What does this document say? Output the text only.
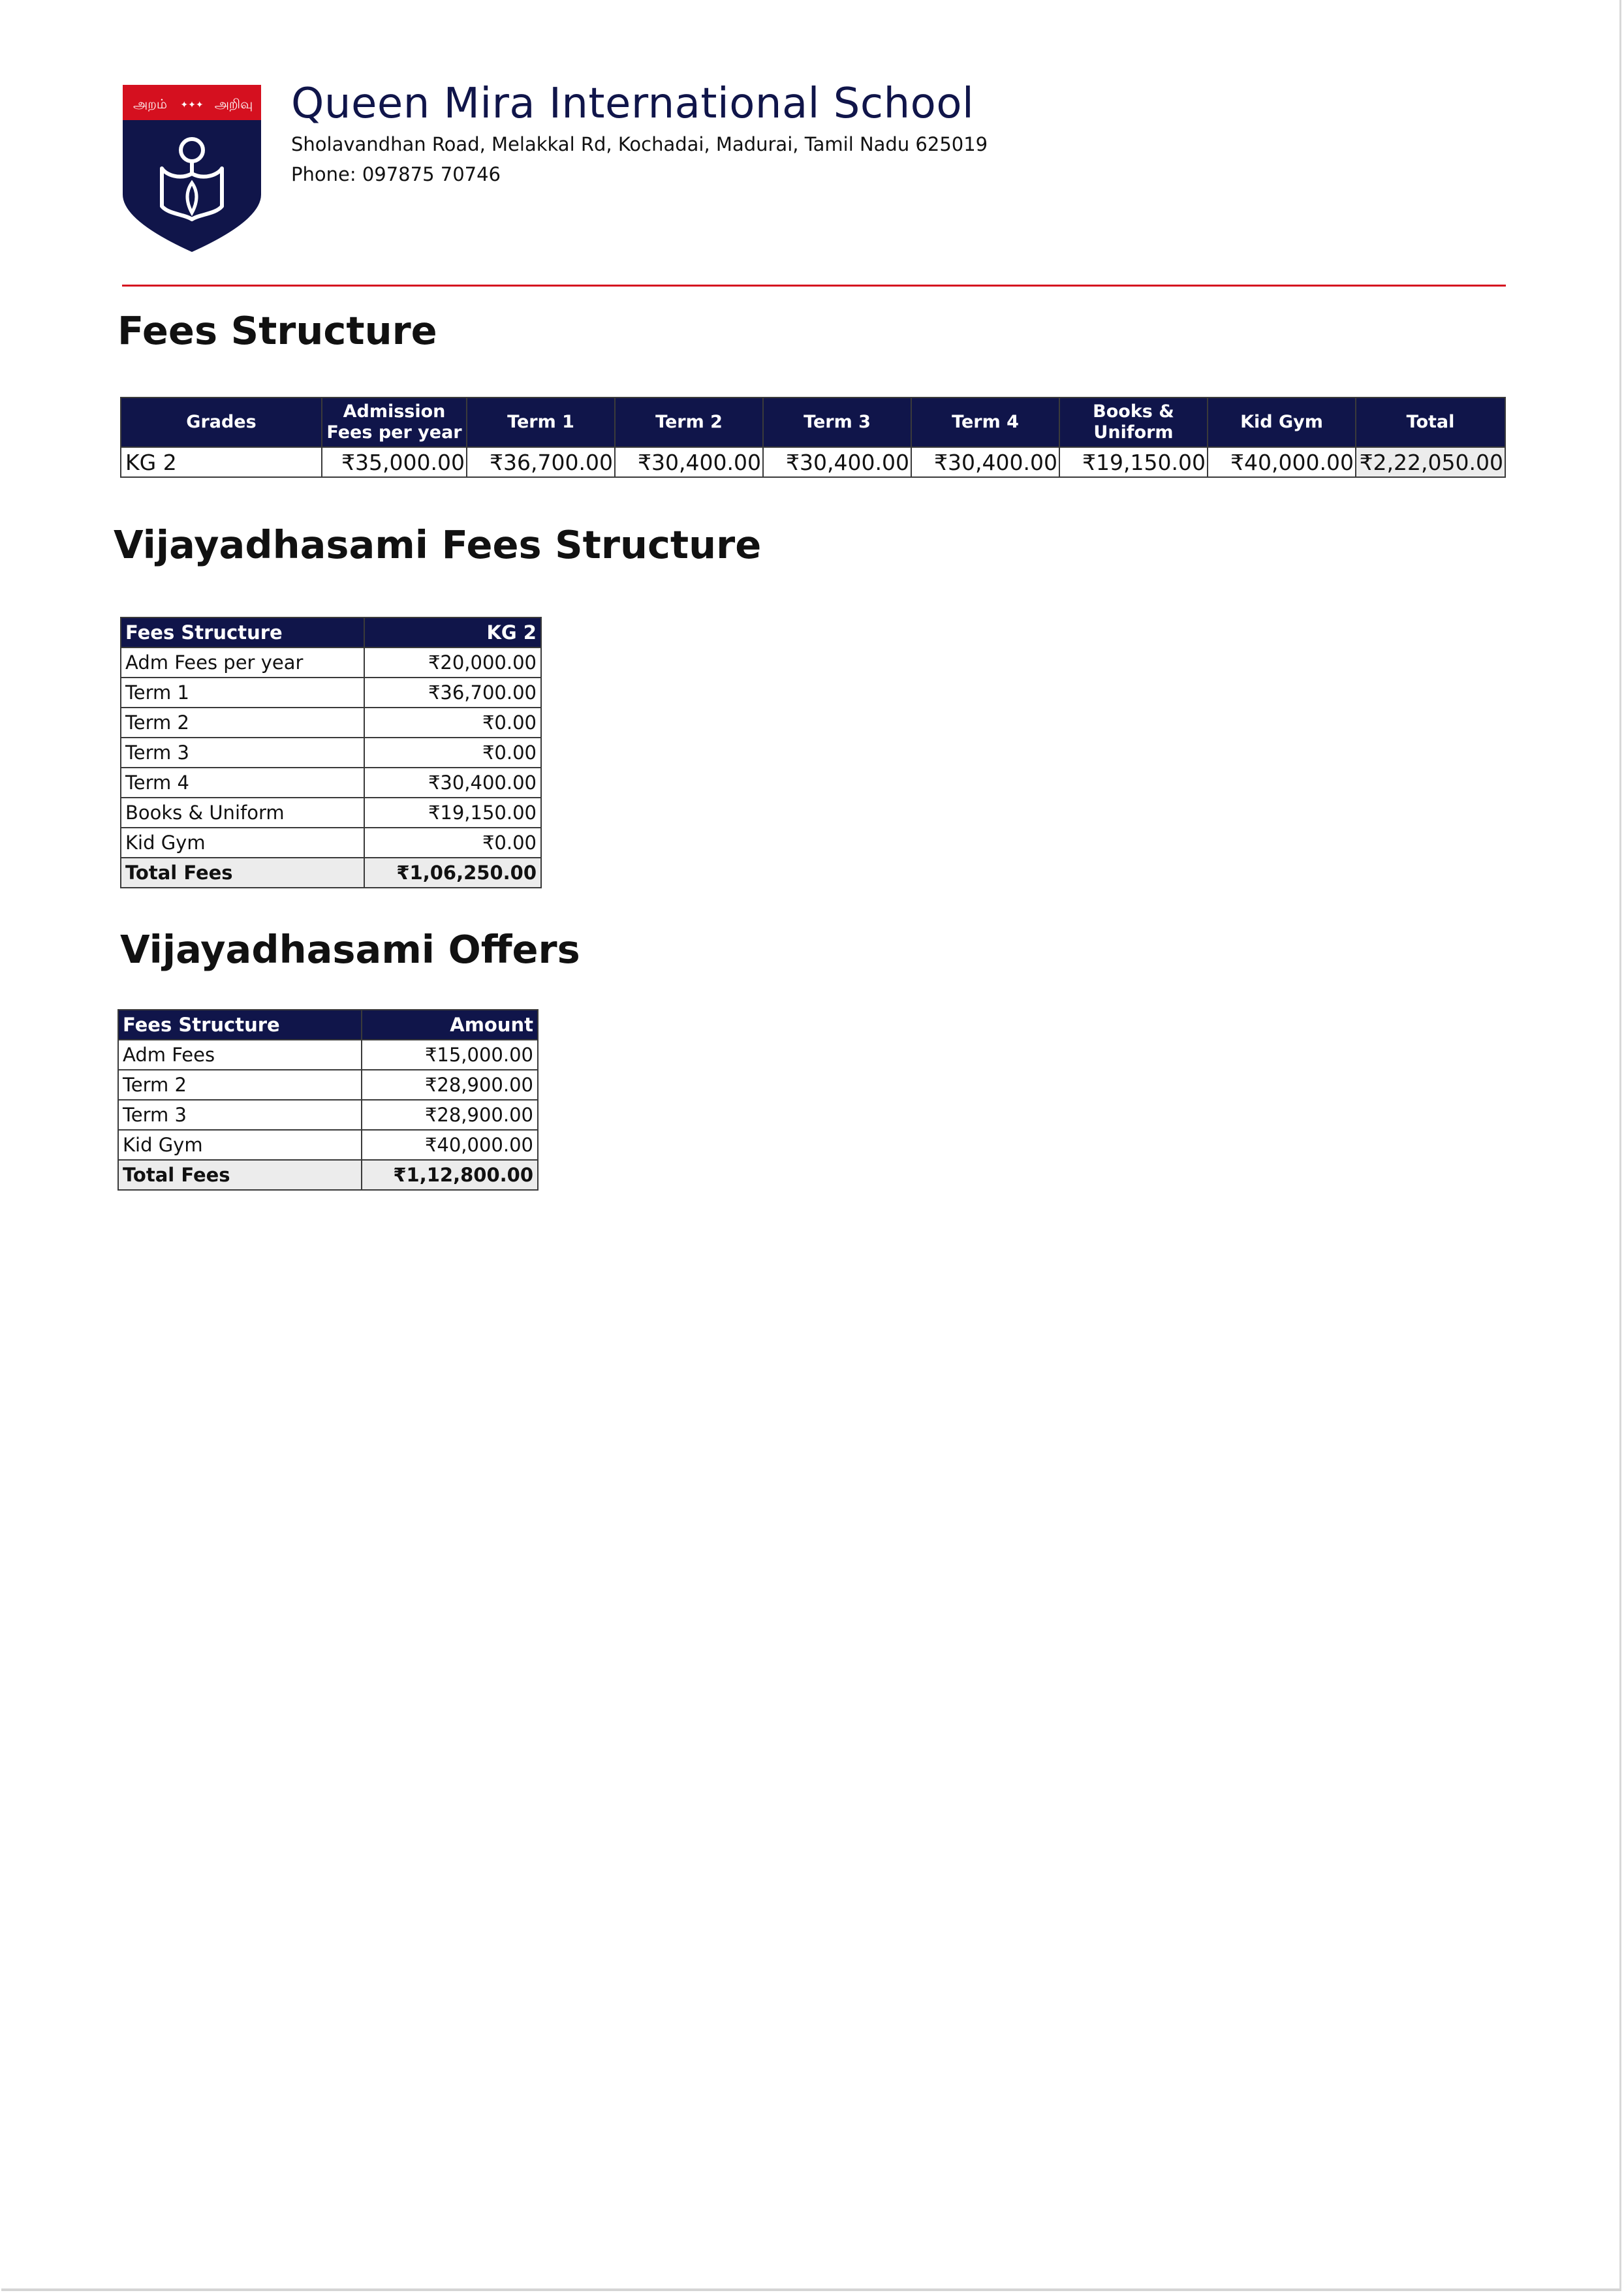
அறம் ✦✦✦ அறிவு Queen Mira International School
Sholavandhan Road, Melakkal Rd, Kochadai, Madurai, Tamil Nadu 625019
Phone: 097875 70746
Fees Structure
Grades	Admission Fees per year	Term 1	Term 2	Term 3	Term 4	Books & Uniform	Kid Gym	Total
KG 2	₹35,000.00	₹36,700.00	₹30,400.00	₹30,400.00	₹30,400.00	₹19,150.00	₹40,000.00	₹2,22,050.00
Vijayadhasami Fees Structure
Fees Structure	KG 2
Adm Fees per year	₹20,000.00
Term 1	₹36,700.00
Term 2	₹0.00
Term 3	₹0.00
Term 4	₹30,400.00
Books & Uniform	₹19,150.00
Kid Gym	₹0.00
Total Fees	₹1,06,250.00
Vijayadhasami Offers
Fees Structure	Amount
Adm Fees	₹15,000.00
Term 2	₹28,900.00
Term 3	₹28,900.00
Kid Gym	₹40,000.00
Total Fees	₹1,12,800.00
